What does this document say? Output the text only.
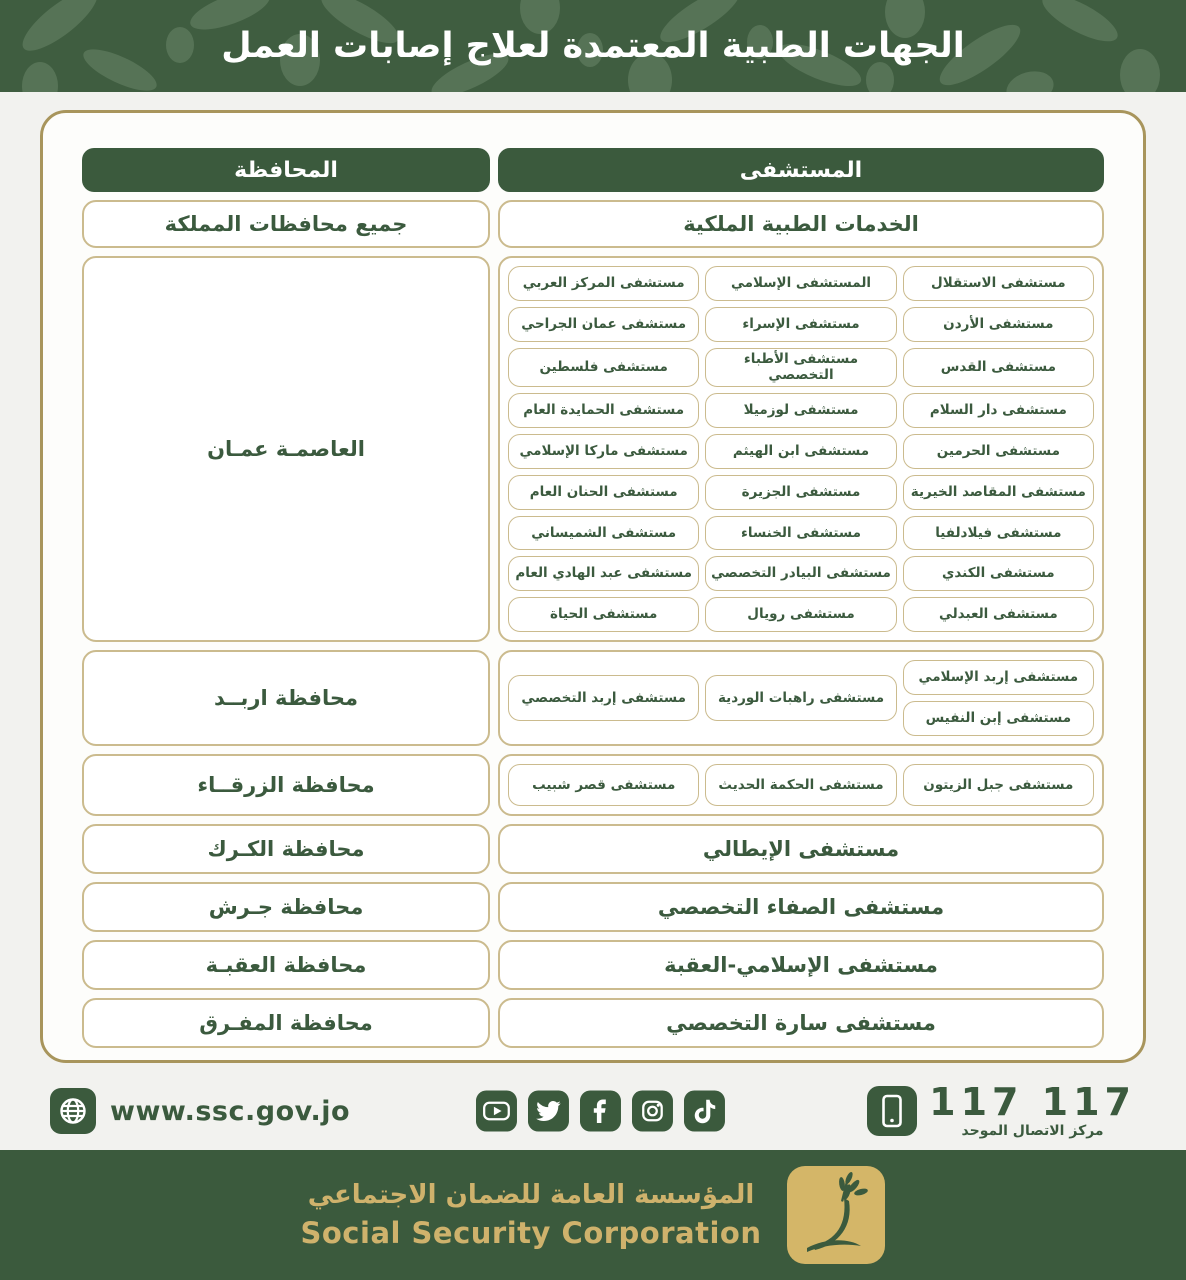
الجهات الطبية المعتمدة لعلاج إصابات العمل
المستشفى
المحافظة
الخدمات الطبية الملكية
جميع محافظات المملكة
مستشفى الاستقلال
المستشفى الإسلامي
مستشفى المركز العربي
مستشفى الأردن
مستشفى الإسراء
مستشفى عمان الجراحي
مستشفى القدس
مستشفى الأطباء التخصصي
مستشفى فلسطين
مستشفى دار السلام
مستشفى لوزميلا
مستشفى الحمايدة العام
مستشفى الحرمين
مستشفى ابن الهيثم
مستشفى ماركا الإسلامي
مستشفى المقاصد الخيرية
مستشفى الجزيرة
مستشفى الحنان العام
مستشفى فيلادلفيا
مستشفى الخنساء
مستشفى الشميساني
مستشفى الكندي
مستشفى البيادر التخصصي
مستشفى عبد الهادي العام
مستشفى العبدلي
مستشفى رويال
مستشفى الحياة
العاصمـة عمـان
مستشفى إربد الإسلامي
مستشفى إبن النفيس
مستشفى راهبات الوردية
مستشفى إربد التخصصي
محافظة اربــد
مستشفى جبل الزيتون
مستشفى الحكمة الحديث
مستشفى قصر شبيب
محافظة الزرقــاء
مستشفى الإيطالي
محافظة الكـرك
مستشفى الصفاء التخصصي
محافظة جـرش
مستشفى الإسلامي-العقبة
محافظة العقبـة
مستشفى سارة التخصصي
محافظة المفـرق
www.ssc.gov.jo	117 117
مركز الاتصال الموحد
المؤسسة العامة للضمان الاجتماعي
Social Security Corporation
